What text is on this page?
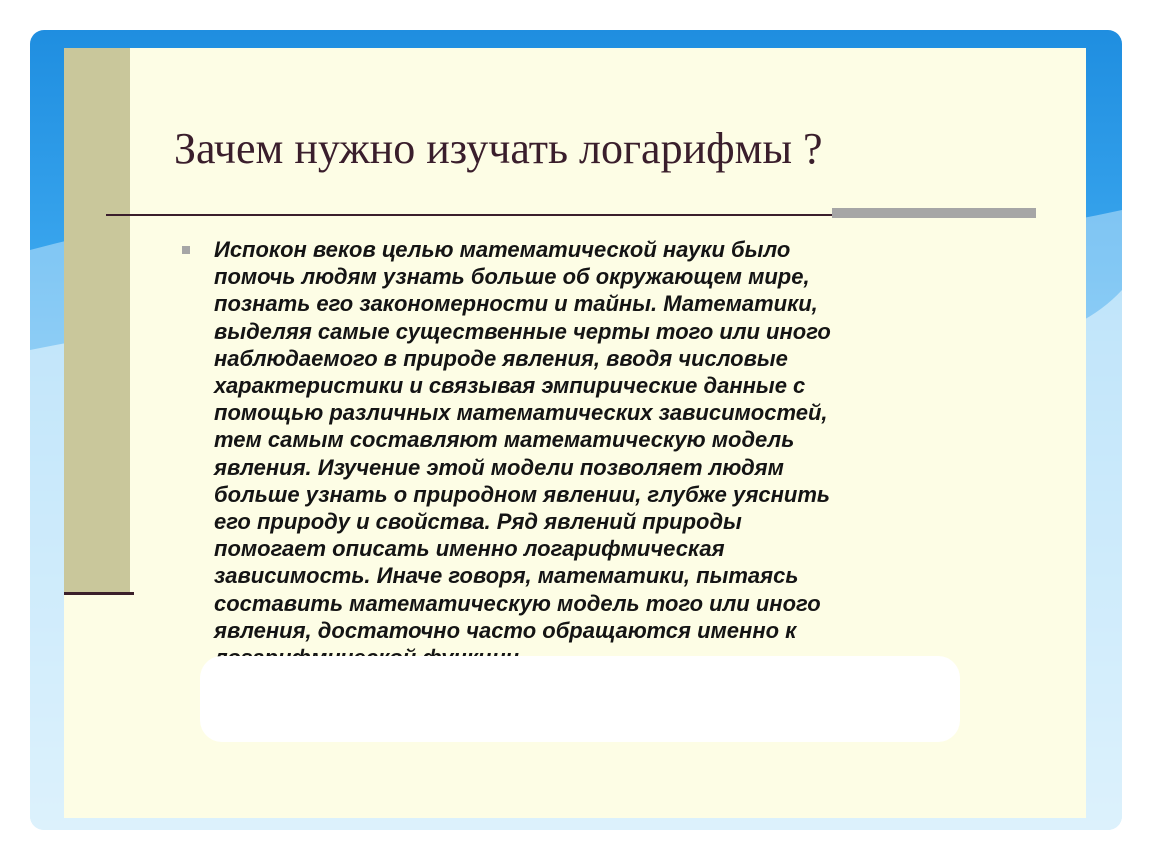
Зачем нужно изучать логарифмы ?
Испокон веков целью математической науки было
помочь людям узнать больше об окружающем мире,
познать его закономерности и тайны. Математики,
выделяя самые существенные черты того или иного
наблюдаемого в природе явления, вводя числовые
характеристики и связывая эмпирические данные с
помощью различных математических зависимостей,
тем самым составляют математическую модель
явления. Изучение этой модели позволяет людям
больше узнать о природном явлении, глубже уяснить
его природу и свойства. Ряд явлений природы
помогает описать именно логарифмическая
зависимость. Иначе говоря, математики, пытаясь
составить математическую модель того или иного
явления, достаточно часто обращаются именно к
